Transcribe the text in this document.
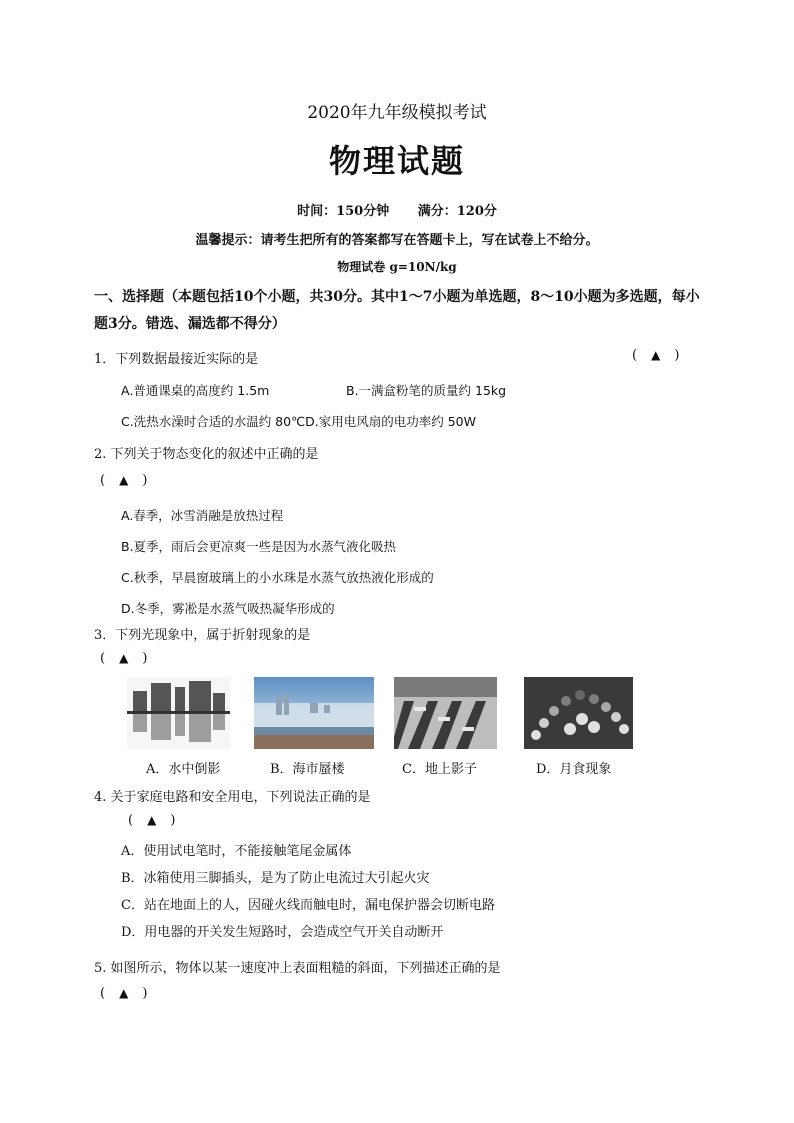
2020年九年级模拟考试
物理试题
时间：150分钟 满分：120分
温馨提示：请考生把所有的答案都写在答题卡上，写在试卷上不给分。
物理试卷 g=10N/kg
一、选择题（本题包括10个小题，共30分。其中1～7小题为单选题，8～10小题为多选题，每小题3分。错选、漏选都不得分）
1．下列数据最接近实际的是	( ▲ )
A.普通课桌的高度约 1.5m	B.一满盒粉笔的质量约 15kg
C.洗热水澡时合适的水温约 80℃D.家用电风扇的电功率约 50W
2. 下列关于物态变化的叙述中正确的是
( ▲ )
A.春季，冰雪消融是放热过程
B.夏季，雨后会更凉爽一些是因为水蒸气液化吸热
C.秋季，早晨窗玻璃上的小水珠是水蒸气放热液化形成的
D.冬季，雾凇是水蒸气吸热凝华形成的
3．下列光现象中，属于折射现象的是
( ▲ )
A．水中倒影	B．海市蜃楼	C．地上影子	D．月食现象
4. 关于家庭电路和安全用电，下列说法正确的是
( ▲ )
A．使用试电笔时，不能接触笔尾金属体
B．冰箱使用三脚插头，是为了防止电流过大引起火灾
C．站在地面上的人，因碰火线而触电时，漏电保护器会切断电路
D．用电器的开关发生短路时，会造成空气开关自动断开
5. 如图所示，物体以某一速度冲上表面粗糙的斜面，下列描述正确的是
( ▲ )
